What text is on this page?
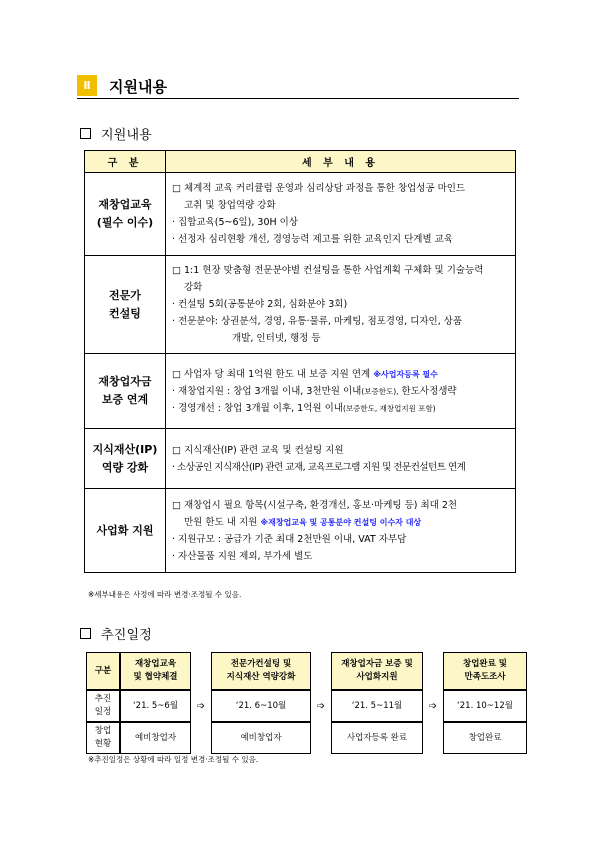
Ⅱ	지원내용
지원내용
구 분	세 부 내 용

재창업교육
(필수 이수)	□ 체계적 교육 커리큘럼 운영과 심리상담 과정을 통한 창업성공 마인드
고취 및 창업역량 강화
· 집합교육(5~6일), 30H 이상
· 선정자 심리현황 개선, 경영능력 제고를 위한 교육인지 단계별 교육

전문가
컨설팅	□ 1:1 현장 맞춤형 전문분야별 컨설팅을 통한 사업계획 구체화 및 기술능력
강화
· 컨설팅 5회(공통분야 2회, 심화분야 3회)
· 전문분야: 상권분석, 경영, 유통·물류, 마케팅, 점포경영, 디자인, 상품
개발, 인터넷, 행정 등

재창업자금
보증 연계	□ 사업자 당 최대 1억원 한도 내 보증 지원 연계 ※사업자등록 필수
· 재창업지원 : 창업 3개월 이내, 3천만원 이내(보증한도), 한도사정생략
· 경영개선 : 창업 3개월 이후, 1억원 이내(보증한도, 재창업지원 포함)

지식재산(IP)
역량 강화	□ 지식재산(IP) 관련 교육 및 컨설팅 지원
· 소상공인 지식재산(IP) 관련 교재, 교육프로그램 지원 및 전문컨설턴트 연계

사업화 지원	□ 재창업시 필요 항목(시설구축, 환경개선, 홍보·마케팅 등) 최대 2천
만원 한도 내 지원 ※재창업교육 및 공통분야 컨설팅 이수자 대상
· 지원규모 : 공급가 기준 최대 2천만원 이내, VAT 자부담
· 자산물품 지원 제외, 부가세 별도
※세부내용은 사정에 따라 변경·조정될 수 있음.
추진일정
구분	재창업교육
및 협약체결		전문가컨설팅 및
지식재산 역량강화		재창업자금 보증 및
사업화지원		창업완료 및
만족도조사

추진
일정	‘21. 5~6월	➩	‘21. 6~10월	➩	‘21. 5~11월	➩	‘21. 10~12월

창업
현황	예비창업자		예비창업자		사업자등록 완료		창업완료
※추진일정은 상황에 따라 일정 변경·조정될 수 있음.
